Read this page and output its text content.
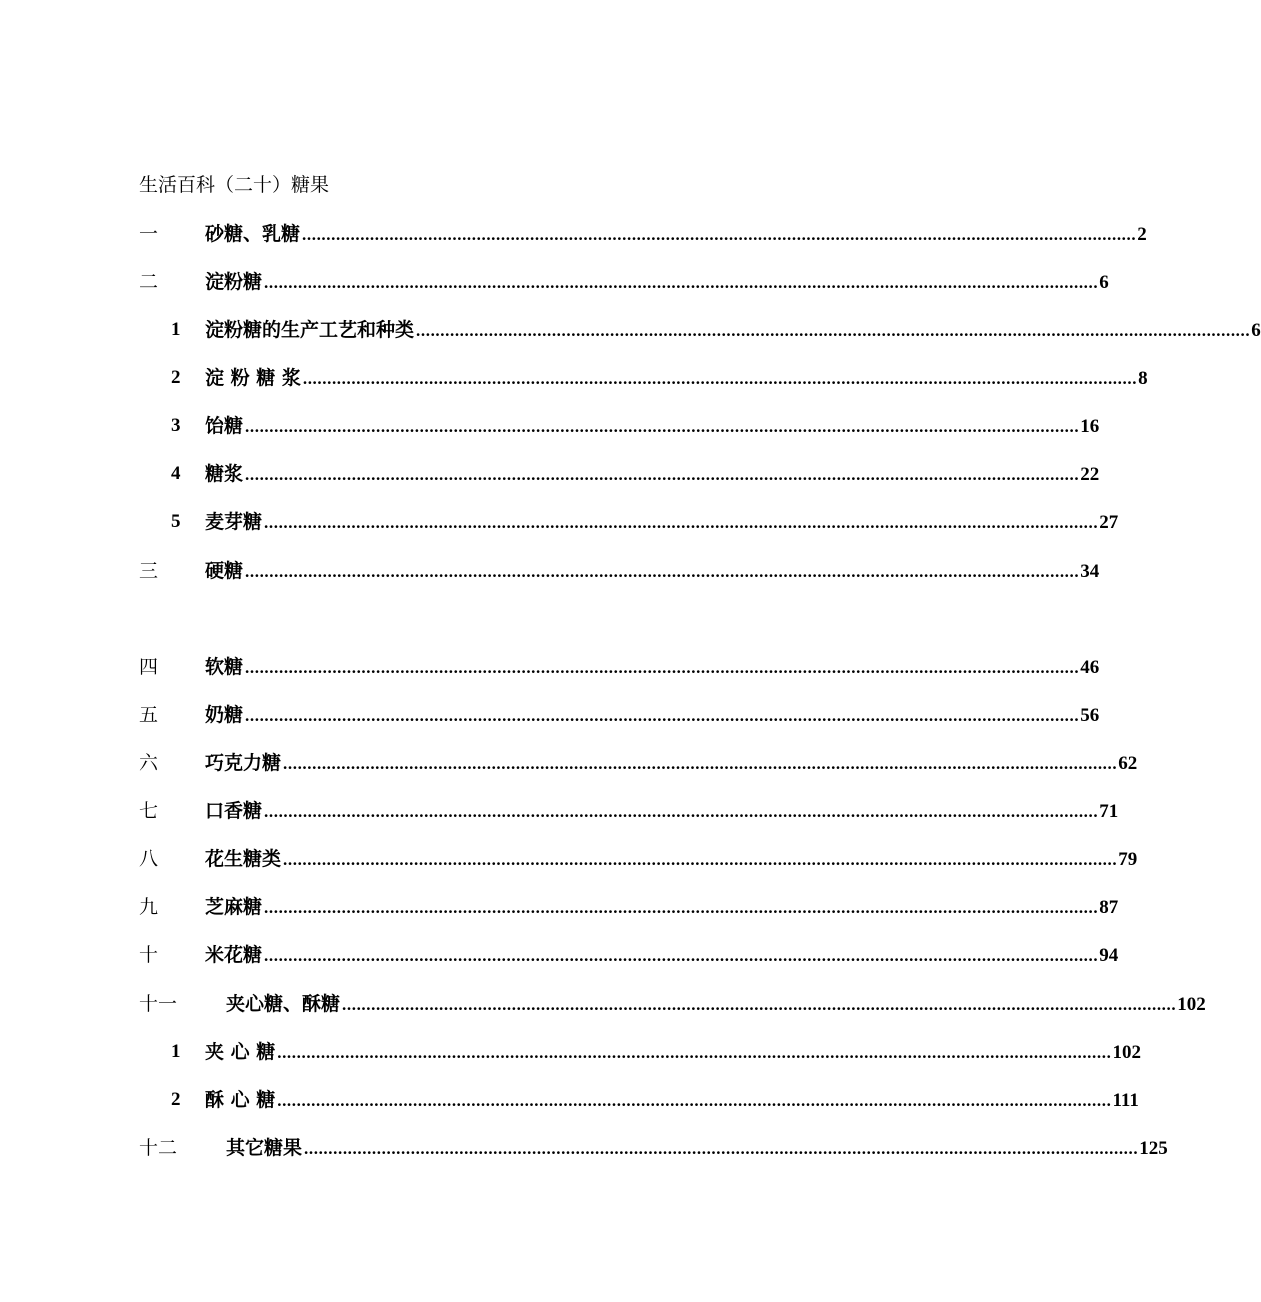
生活百科（二十）糖果
一 砂糖、乳糖 ............................................................................................................................................................................ 2
二 淀粉糖 ............................................................................................................................................................................ 6
1 淀粉糖的生产工艺和种类 ............................................................................................................................................................................ 6
2 淀 粉 糖 浆 ............................................................................................................................................................................ 8
3 饴糖 ............................................................................................................................................................................ 16
4 糖浆 ............................................................................................................................................................................ 22
5 麦芽糖 ............................................................................................................................................................................ 27
三 硬糖 ............................................................................................................................................................................ 34
四 软糖 ............................................................................................................................................................................ 46
五 奶糖 ............................................................................................................................................................................ 56
六 巧克力糖 ............................................................................................................................................................................ 62
七 口香糖 ............................................................................................................................................................................ 71
八 花生糖类 ............................................................................................................................................................................ 79
九 芝麻糖 ............................................................................................................................................................................ 87
十 米花糖 ............................................................................................................................................................................ 94
十一	夹心糖、酥糖 ............................................................................................................................................................................ 102
1 夹 心 糖 ............................................................................................................................................................................ 102
2 酥 心 糖 ............................................................................................................................................................................ 111
十二	其它糖果 ............................................................................................................................................................................ 125
